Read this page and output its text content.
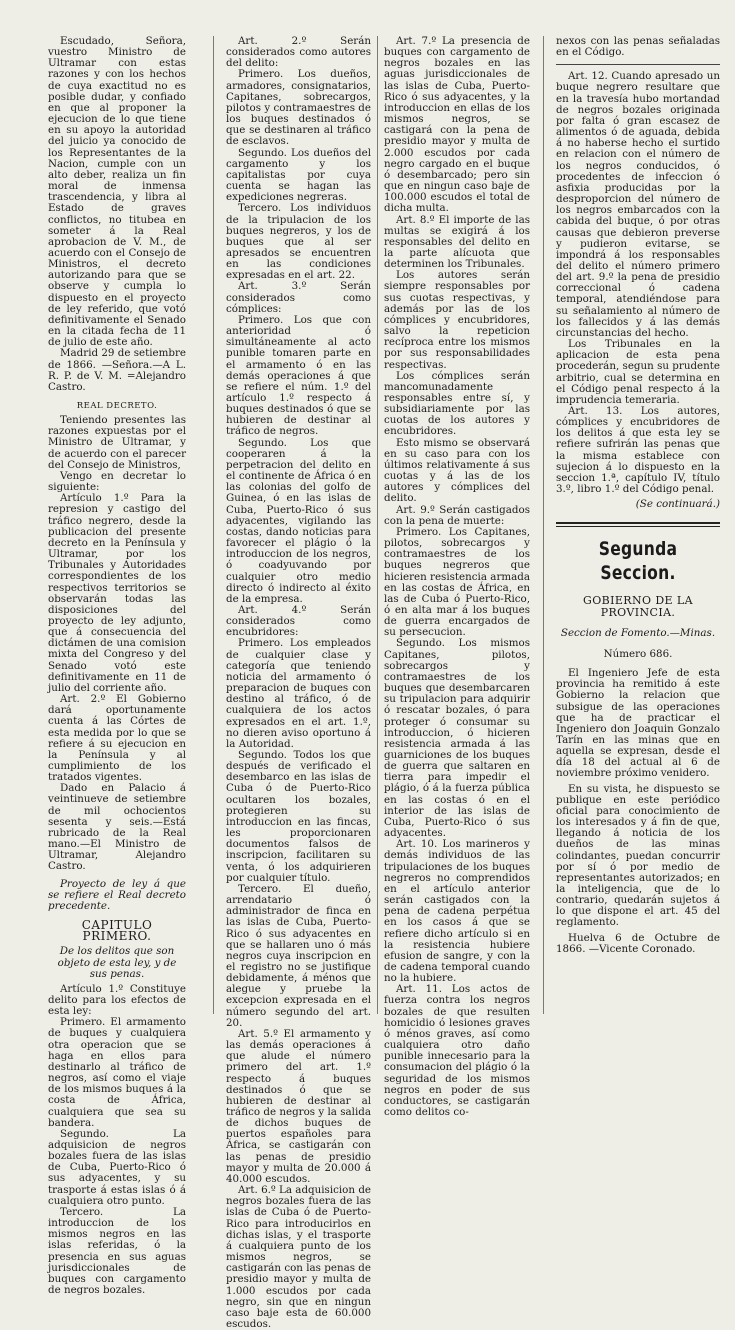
Escudado, Señora, vuestro Ministro de Ultramar con estas razones y con los hechos de cuya exactitud no es posible dudar, y confiado en que al proponer la ejecucion de lo que tiene en su apoyo la autoridad del juicio ya conocido de los Representantes de la Nacion, cumple con un alto deber, realiza un fin moral de inmensa trascendencia, y libra al Estado de graves conflictos, no titubea en someter á la Real aprobacion de V. M., de acuerdo con el Consejo de Ministros, el decreto autorizando para que se observe y cumpla lo dispuesto en el proyecto de ley referido, que votó definitivamente el Senado en la citada fecha de 11 de julio de este año.

Madrid 29 de setiembre de 1866. —Señora.—A L. R. P. de V. M. =Alejandro Castro.

REAL DECRETO.

Teniendo presentes las razones expuestas por el Ministro de Ultramar, y de acuerdo con el parecer del Consejo de Ministros,

Vengo en decretar lo siguiente:

Artículo 1.º Para la represion y castigo del tráfico negrero, desde la publicacion del presente decreto en la Península y Ultramar, por los Tribunales y Autoridades correspondientes de los respectivos territorios se observarán todas las disposiciones del proyecto de ley adjunto, que á consecuencia del dictámen de una comision mixta del Congreso y del Senado votó este definitivamente en 11 de julio del corriente año.

Art. 2.º El Gobierno dará oportunamente cuenta á las Córtes de esta medida por lo que se refiere á su ejecucion en la Península y al cumplimiento de los tratados vigentes.

Dado en Palacio á veintinueve de setiembre de mil ochocientos sesenta y seis.—Está rubricado de la Real mano.—El Ministro de Ultramar, Alejandro Castro.

Proyecto de ley á que se refiere el Real decreto precedente.

CAPITULO PRIMERO.

De los delitos que son objeto de esta ley, y de sus penas.

Artículo 1.º Constituye delito para los efectos de esta ley:

Primero. El armamento de buques y cualquiera otra operacion que se haga en ellos para destinarlo al tráfico de negros, así como el viaje de los mismos buques á la costa de África, cualquiera que sea su bandera.

Segundo. La adquisicion de negros bozales fuera de las islas de Cuba, Puerto-Rico ó sus adyacentes, y su trasporte á estas islas ó á cualquiera otro punto.

Tercero. La introduccion de los mismos negros en las islas referidas, ó la presencia en sus aguas jurisdiccionales de buques con cargamento de negros bozales.

Art. 2.º Serán considerados como autores del delito:

Primero. Los dueños, armadores, consignatarios, Capitanes, sobrecargos, pilotos y contramaestres de los buques destinados ó que se destinaren al tráfico de esclavos.

Segundo. Los dueños del cargamento y los capitalistas por cuya cuenta se hagan las expediciones negreras.

Tercero. Los individuos de la tripulacion de los buques negreros, y los de buques que al ser apresados se encuentren en las condiciones expresadas en el art. 22.

Art. 3.º Serán considerados como cómplices:

Primero. Los que con anterioridad ó simultáneamente al acto punible tomaren parte en el armamento ó en las demás operaciones á que se refiere el núm. 1.º del artículo 1.º respecto á buques destinados ó que se hubieren de destinar al tráfico de negros.

Segundo. Los que cooperaren á la perpetracion del delito en el continente de África ó en las colonias del golfo de Guinea, ó en las islas de Cuba, Puerto-Rico ó sus adyacentes, vigilando las costas, dando noticias para favorecer el plágio ó la introduccion de los negros, ó coadyuvando por cualquier otro medio directo ó indirecto al éxito de la empresa.

Art. 4.º Serán considerados como encubridores:

Primero. Los empleados de cualquier clase y categoría que teniendo noticia del armamento ó preparacion de buques con destino al tráfico, ó de cualquiera de los actos expresados en el art. 1.º, no dieren aviso oportuno á la Autoridad.

Segundo. Todos los que después de verificado el desembarco en las islas de Cuba ó de Puerto-Rico ocultaren los bozales, protegieren su introduccion en las fincas, les proporcionaren documentos falsos de inscripcion, facilitaren su venta, ó los adquirieren por cualquier título.

Tercero. El dueño, arrendatario ó administrador de finca en las islas de Cuba, Puerto-Rico ó sus adyacentes en que se hallaren uno ó más negros cuya inscripcion en el registro no se justifique debidamente, á ménos que alegue y pruebe la excepcion expresada en el número segundo del art. 20.

Art. 5.º El armamento y las demás operaciones á que alude el número primero del art. 1.º respecto á buques destinados ó que se hubieren de destinar al tráfico de negros y la salida de dichos buques de puertos españoles para África, se castigarán con las penas de presidio mayor y multa de 20.000 á 40.000 escudos.

Art. 6.º La adquisicion de negros bozales fuera de las islas de Cuba ó de Puerto-Rico para introducirlos en dichas islas, y el trasporte á cualquiera punto de los mismos negros, se castigarán con las penas de presidio mayor y multa de 1.000 escudos por cada negro, sin que en ningun caso baje esta de 60.000 escudos.

Art. 7.º La presencia de buques con cargamento de negros bozales en las aguas jurisdiccionales de las islas de Cuba, Puerto-Rico ó sus adyacentes, y la introduccion en ellas de los mismos negros, se castigará con la pena de presidio mayor y multa de 2.000 escudos por cada negro cargado en el buque ó desembarcado; pero sin que en ningun caso baje de 100.000 escudos el total de dicha multa.

Art. 8.º El importe de las multas se exigirá á los responsables del delito en la parte alícuota que determinen los Tribunales.

Los autores serán siempre responsables por sus cuotas respectivas, y además por las de los cómplices y encubridores, salvo la repeticion recíproca entre los mismos por sus responsabilidades respectivas.

Los cómplices serán mancomunadamente responsables entre sí, y subsidiariamente por las cuotas de los autores y encubridores.

Esto mismo se observará en su caso para con los últimos relativamente á sus cuotas y á las de los autores y cómplices del delito.

Art. 9.º Serán castigados con la pena de muerte:

Primero. Los Capitanes, pilotos, sobrecargos y contramaestres de los buques negreros que hicieren resistencia armada en las costas de África, en las de Cuba ó Puerto-Rico, ó en alta mar á los buques de guerra encargados de su persecucion.

Segundo. Los mismos Capitanes, pilotos, sobrecargos y contramaestres de los buques que desembarcaren su tripulacion para adquirir ó rescatar bozales, ó para proteger ó consumar su introduccion, ó hicieren resistencia armada á las guarniciones de los buques de guerra que saltaren en tierra para impedir el plágio, ó á la fuerza pública en las costas ó en el interior de las islas de Cuba, Puerto-Rico ó sus adyacentes.

Art. 10. Los marineros y demás individuos de las tripulaciones de los buques negreros no comprendidos en el artículo anterior serán castigados con la pena de cadena perpétua en los casos á que se refiere dicho artículo si en la resistencia hubiere efusion de sangre, y con la de cadena temporal cuando no la hubiere.

Art. 11. Los actos de fuerza contra los negros bozales de que resulten homicidio ó lesiones graves ó ménos graves, así como cualquiera otro daño punible innecesario para la consumacion del plágio ó la seguridad de los mismos negros en poder de sus conductores, se castigarán como delitos co-

nexos con las penas señaladas en el Código.

Art. 12. Cuando apresado un buque negrero resultare que en la travesía hubo mortandad de negros bozales originada por falta ó gran escasez de alimentos ó de aguada, debida á no haberse hecho el surtido en relacion con el número de los negros conducidos, ó procedentes de infeccion ó asfixia producidas por la desproporcion del número de los negros embarcados con la cabida del buque, ó por otras causas que debieron preverse y pudieron evitarse, se impondrá á los responsables del delito el número primero del art. 9.º la pena de presidio correccional ó cadena temporal, atendiéndose para su señalamiento al número de los fallecidos y á las demás circunstancias del hecho.

Los Tribunales en la aplicacion de esta pena procederán, segun su prudente arbitrio, cual se determina en el Código penal respecto á la imprudencia temeraria.

Art. 13. Los autores, cómplices y encubridores de los delitos á que esta ley se refiere sufrirán las penas que la misma establece con sujecion á lo dispuesto en la seccion 1.ª, capítulo IV, título 3.º, libro 1.º del Código penal.

(Se continuará.)

Segunda Seccion.

GOBIERNO DE LA PROVINCIA.

Seccion de Fomento.—Minas.

Número 686.

El Ingeniero Jefe de esta provincia ha remitido á este Gobierno la relacion que subsigue de las operaciones que ha de practicar el Ingeniero don Joaquin Gonzalo Tarín en las minas que en aquella se expresan, desde el día 18 del actual al 6 de noviembre próximo venidero.

En su vista, he dispuesto se publique en este periódico oficial para conocimiento de los interesados y á fin de que, llegando á noticia de los dueños de las minas colindantes, puedan concurrir por sí ó por medio de representantes autorizados; en la inteligencia, que de lo contrario, quedarán sujetos á lo que dispone el art. 45 del reglamento.

Huelva 6 de Octubre de 1866. —Vicente Coronado.
